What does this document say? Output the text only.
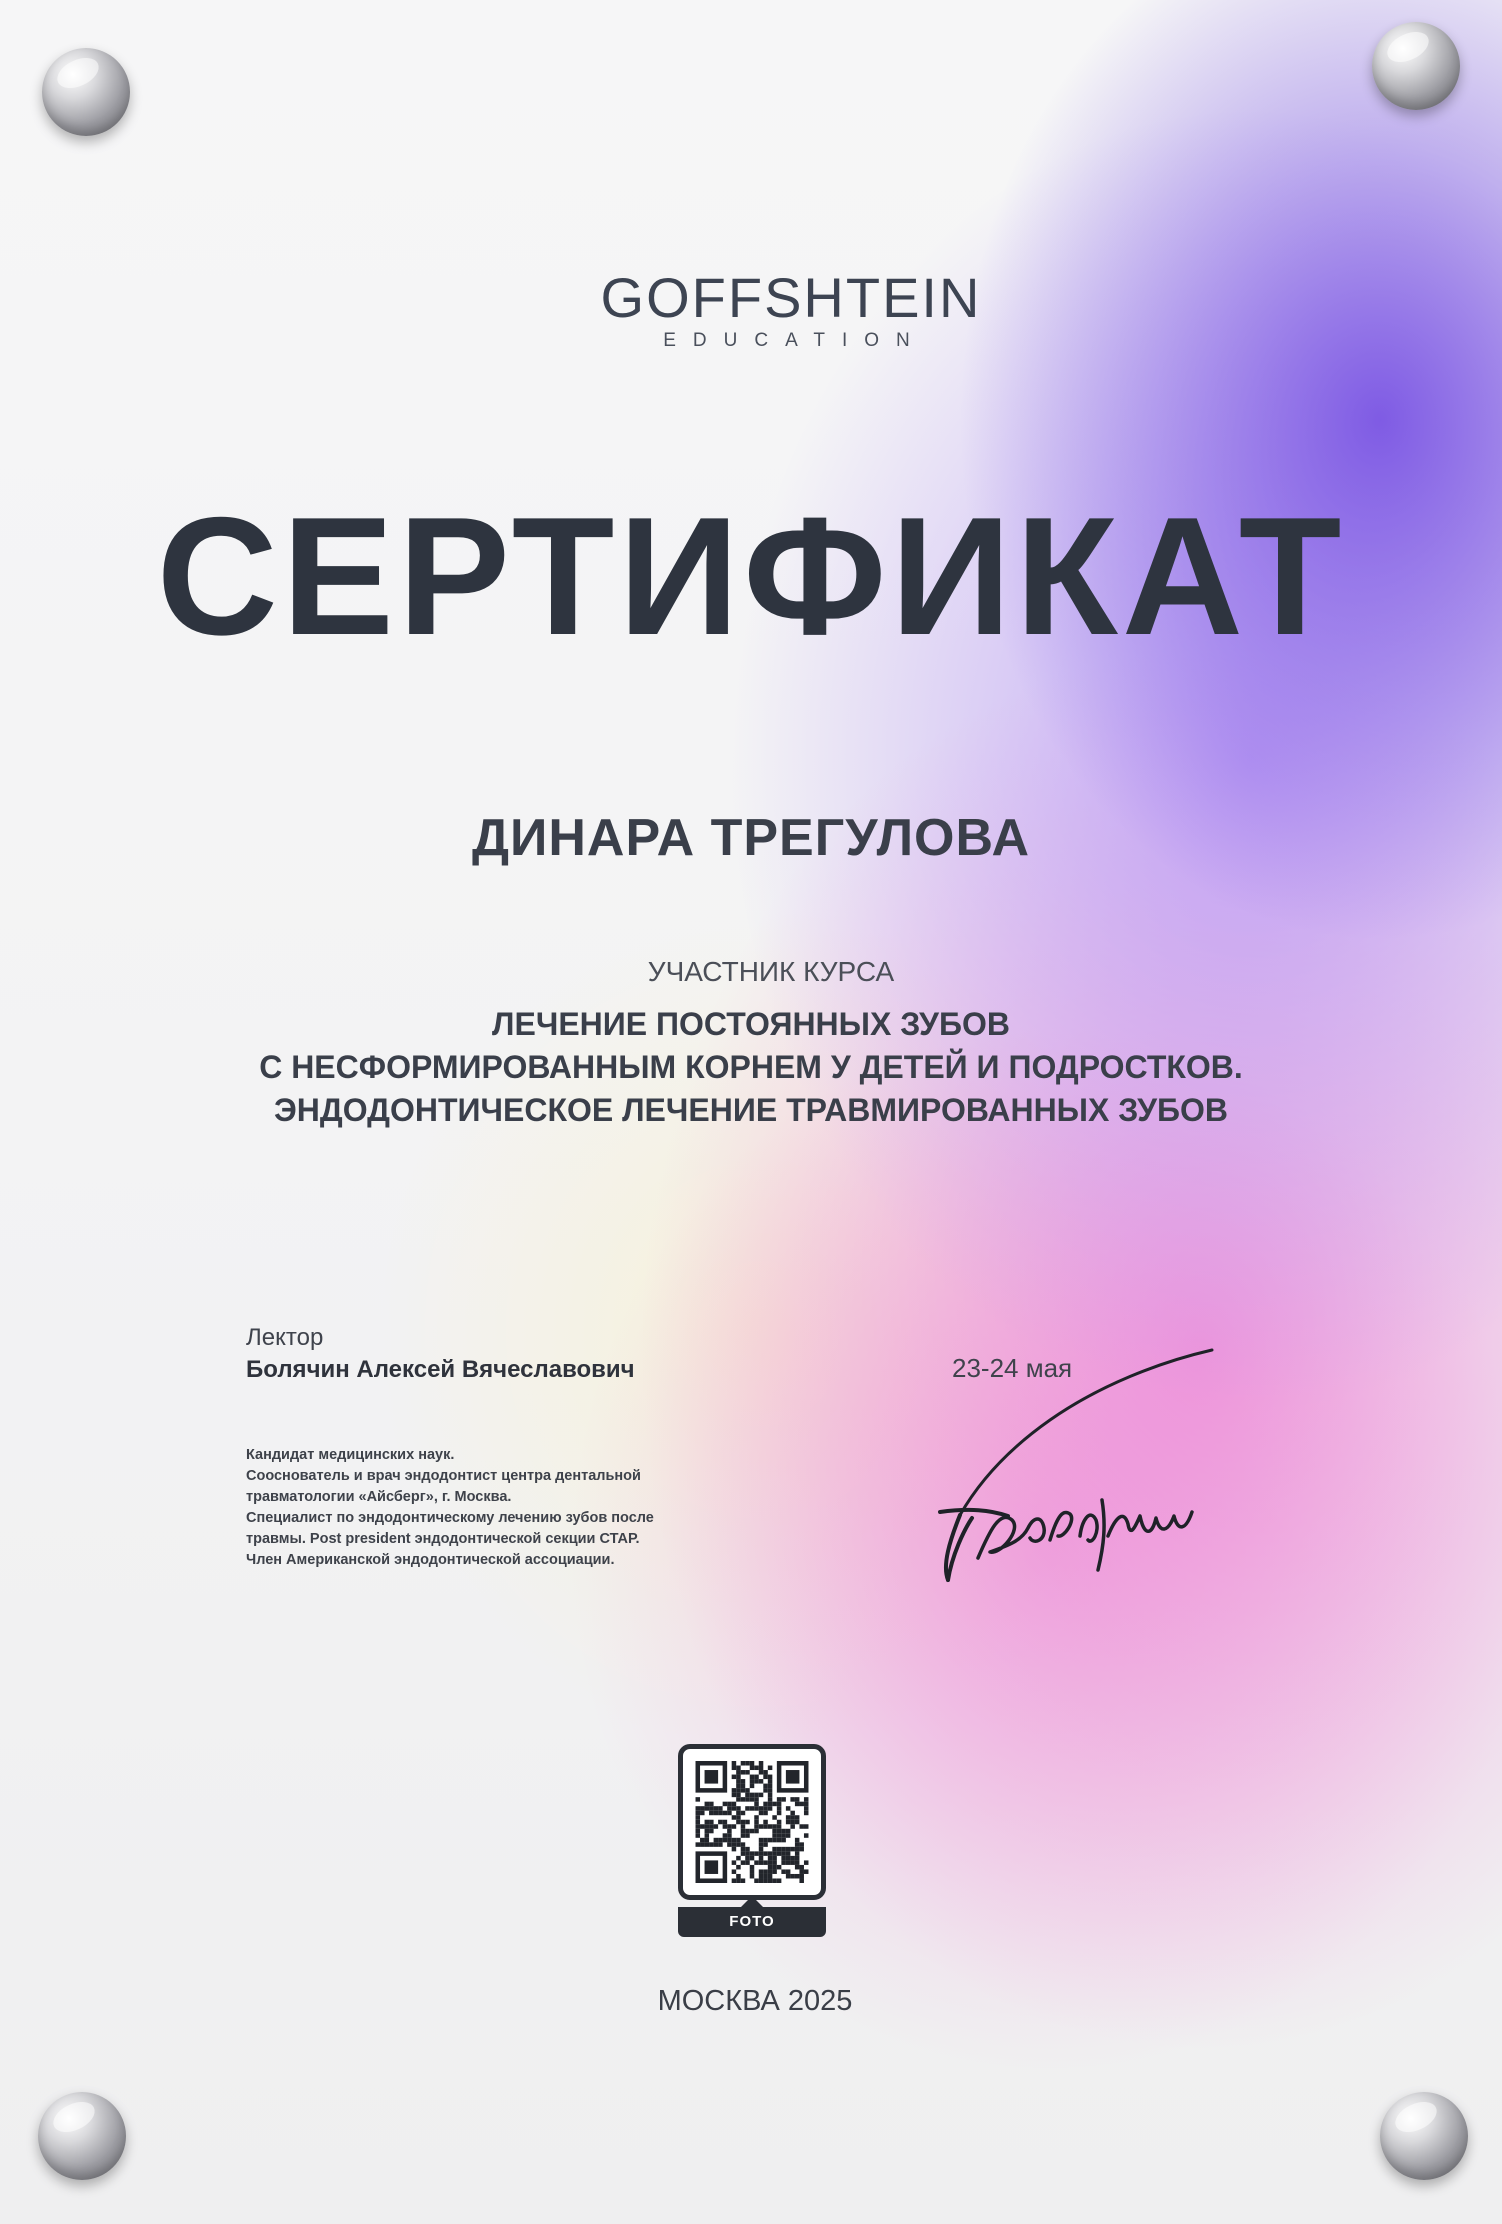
GOFFSHTEIN
EDUCATION
СЕРТИФИКАТ
ДИНАРА ТРЕГУЛОВА
УЧАСТНИК КУРСА
ЛЕЧЕНИЕ ПОСТОЯННЫХ ЗУБОВ
С НЕСФОРМИРОВАННЫМ КОРНЕМ У ДЕТЕЙ И ПОДРОСТКОВ.
ЭНДОДОНТИЧЕСКОЕ ЛЕЧЕНИЕ ТРАВМИРОВАННЫХ ЗУБОВ
Лектор
Болячин Алексей Вячеславович
Кандидат медицинских наук.
Сооснователь и врач эндодонтист центра дентальной
травматологии «Айсберг», г. Москва.
Специалист по эндодонтическому лечению зубов после
травмы. Post president эндодонтической секции СТАР.
Член Американской эндодонтической ассоциации.
23-24 мая
FOTO
МОСКВА 2025
